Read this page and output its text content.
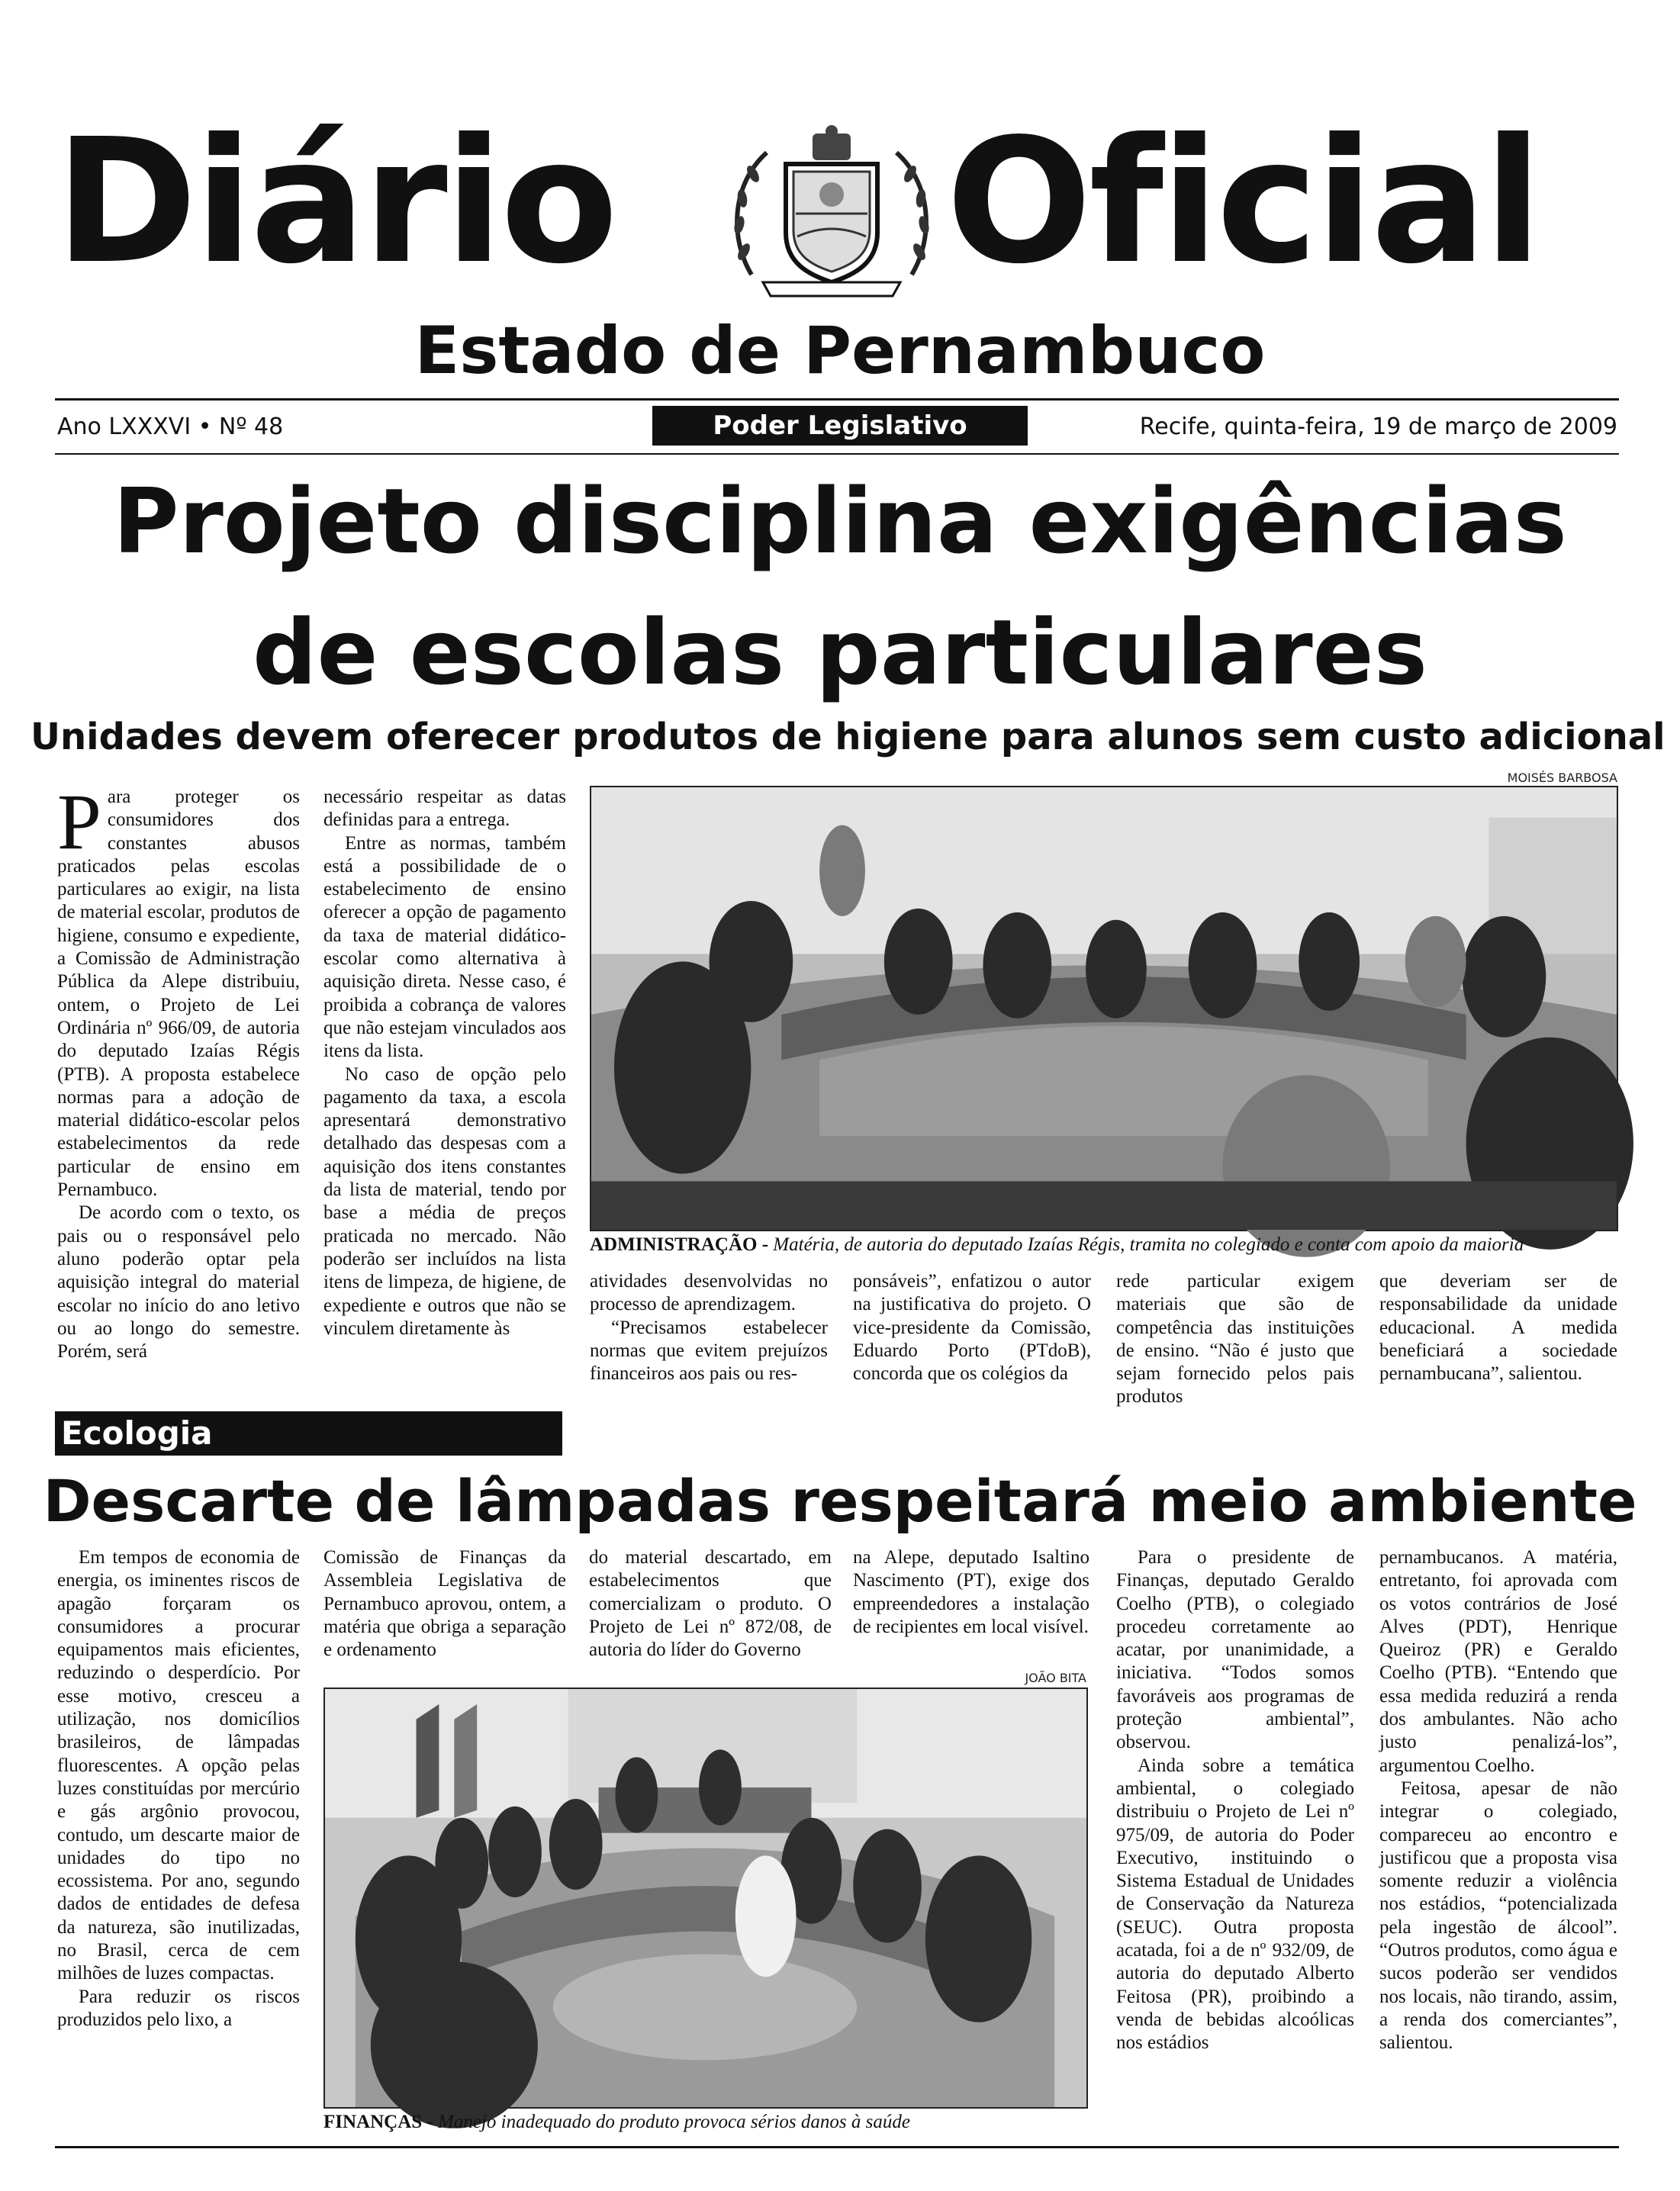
Diário	Oficial
Estado de Pernambuco
Ano LXXXVI • Nº 48	Poder Legislativo	Recife, quinta-feira, 19 de março de 2009
Projeto disciplina exigências
de escolas particulares
Unidades devem oferecer produtos de higiene para alunos sem custo adicional
P ara proteger os consumidores dos constantes abusos praticados pelas escolas particulares ao exigir, na lista de material escolar, produtos de higiene, consumo e expediente, a Comissão de Administração Pública da Alepe distribuiu, ontem, o Projeto de Lei Ordinária nº 966/09, de autoria do deputado Izaías Régis (PTB). A proposta estabelece normas para a adoção de material didático-escolar pelos estabelecimentos da rede particular de ensino em Pernambuco.

De acordo com o texto, os pais ou o responsável pelo aluno poderão optar pela aquisição integral do material escolar no início do ano letivo ou ao longo do semestre. Porém, será

necessário respeitar as datas definidas para a entrega.

Entre as normas, também está a possibilidade de o estabelecimento de ensino oferecer a opção de pagamento da taxa de material didático-escolar como alternativa à aquisição direta. Nesse caso, é proibida a cobrança de valores que não estejam vinculados aos itens da lista.

No caso de opção pelo pagamento da taxa, a escola apresentará demonstrativo detalhado das despesas com a aquisição dos itens constantes da lista de material, tendo por base a média de preços praticada no mercado. Não poderão ser incluídos na lista itens de limpeza, de higiene, de expediente e outros que não se vinculem diretamente às

MOISÉS BARBOSA
ADMINISTRAÇÃO - Matéria, de autoria do deputado Izaías Régis, tramita no colegiado e conta com apoio da maioria

atividades desenvolvidas no processo de aprendizagem.

“Precisamos estabelecer normas que evitem prejuízos financeiros aos pais ou res-

ponsáveis”, enfatizou o autor na justificativa do projeto. O vice-presidente da Comissão, Eduardo Porto (PTdoB), concorda que os colégios da

rede particular exigem materiais que são de competência das instituições de ensino. “Não é justo que sejam fornecido pelos pais produtos

que deveriam ser de responsabilidade da unidade educacional. A medida beneficiará a sociedade pernambucana”, salientou.

Ecologia
Descarte de lâmpadas respeitará meio ambiente

Em tempos de economia de energia, os iminentes riscos de apagão forçaram os consumidores a procurar equipamentos mais eficientes, reduzindo o desperdício. Por esse motivo, cresceu a utilização, nos domicílios brasileiros, de lâmpadas fluorescentes. A opção pelas luzes constituídas por mercúrio e gás argônio provocou, contudo, um descarte maior de unidades do tipo no ecossistema. Por ano, segundo dados de entidades de defesa da natureza, são inutilizadas, no Brasil, cerca de cem milhões de luzes compactas.

Para reduzir os riscos produzidos pelo lixo, a

Comissão de Finanças da Assembleia Legislativa de Pernambuco aprovou, ontem, a matéria que obriga a separação e ordenamento

do material descartado, em estabelecimentos que comercializam o produto. O Projeto de Lei nº 872/08, de autoria do líder do Governo

na Alepe, deputado Isaltino Nascimento (PT), exige dos empreendedores a instalação de recipientes em local visível.

JOÃO BITA
FINANÇAS - Manejo inadequado do produto provoca sérios danos à saúde

Para o presidente de Finanças, deputado Geraldo Coelho (PTB), o colegiado procedeu corretamente ao acatar, por unanimidade, a iniciativa. “Todos somos favoráveis aos programas de proteção ambiental”, observou.

Ainda sobre a temática ambiental, o colegiado distribuiu o Projeto de Lei nº 975/09, de autoria do Poder Executivo, instituindo o Sistema Estadual de Unidades de Conservação da Natureza (SEUC). Outra proposta acatada, foi a de nº 932/09, de autoria do deputado Alberto Feitosa (PR), proibindo a venda de bebidas alcoólicas nos estádios

pernambucanos. A matéria, entretanto, foi aprovada com os votos contrários de José Alves (PDT), Henrique Queiroz (PR) e Geraldo Coelho (PTB). “Entendo que essa medida reduzirá a renda dos ambulantes. Não acho justo penalizá-los”, argumentou Coelho.

Feitosa, apesar de não integrar o colegiado, compareceu ao encontro e justificou que a proposta visa somente reduzir a violência nos estádios, “potencializada pela ingestão de álcool”. “Outros produtos, como água e sucos poderão ser vendidos nos locais, não tirando, assim, a renda dos comerciantes”, salientou.
